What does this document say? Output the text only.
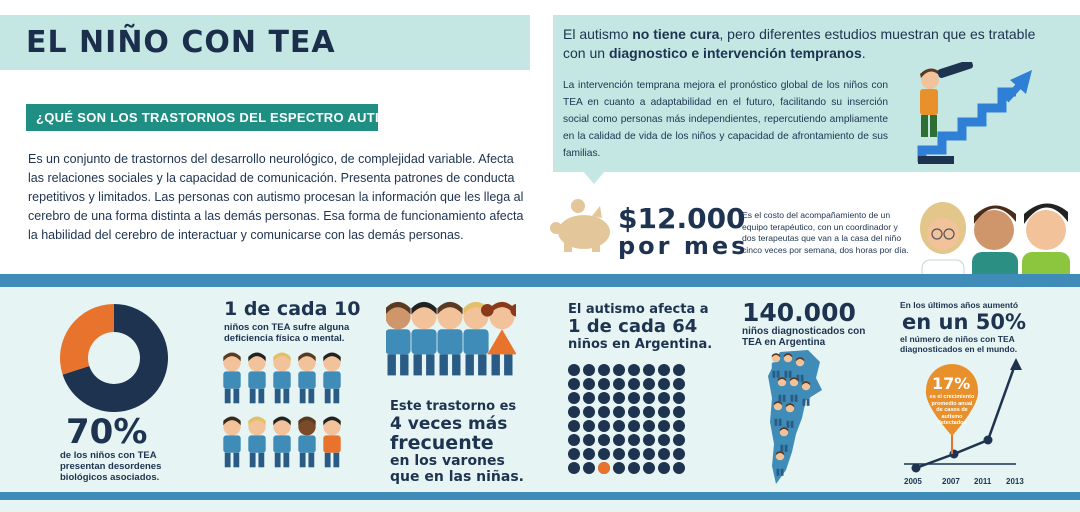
EL NIÑO CON TEA
¿QUÉ SON LOS TRASTORNOS DEL ESPECTRO AUTISTA?
Es un conjunto de trastornos del desarrollo neurológico, de complejidad variable. Afecta las relaciones sociales y la capacidad de comunicación. Presenta patrones de conducta repetitivos y limitados. Las personas con autismo procesan la información que les llega al cerebro de una forma distinta a las demás personas. Esa forma de funcionamiento afecta la habilidad del cerebro de interactuar y comunicarse con las demás personas.
El autismo no tiene cura, pero diferentes estudios muestran que es tratable con un diagnostico e intervención tempranos.
La intervención temprana mejora el pronóstico global de los niños con TEA en cuanto a adaptabilidad en el futuro, facilitando su inserción social como personas más independientes, repercutiendo ampliamente en la calidad de vida de los niños y capacidad de afrontamiento de sus familias.
$12.000
por mes
Es el costo del acompañamiento de un equipo terapéutico, con un coordinador y dos terapeutas que van a la casa del niño cinco veces por semana, dos horas por día.
70%
de los niños con TEA presentan desordenes biológicos asociados.
1 de cada 10
niños con TEA sufre alguna deficiencia física o mental.
Este trastorno es
4 veces más
frecuente
en los varones
que en las niñas.
El autismo afecta a
1 de cada 64
niños en Argentina.
140.000
niños diagnosticados con TEA en Argentina
En los últimos años aumentó
en un 50%
el número de niños con TEA diagnosticados en el mundo.
17%
es el crecimiento promedio anual de casos de autismo detectados
2005	2007 2011 2013
